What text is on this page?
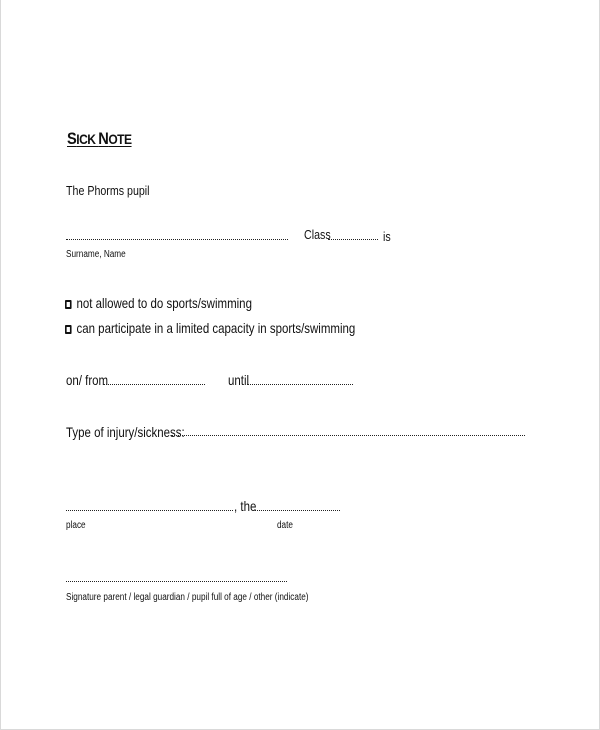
SICK NOTE
The Phorms pupil
Class	is
Surname, Name
not allowed to do sports/swimming
can participate in a limited capacity in sports/swimming
on/ from	until
Type of injury/sickness:
, the
place	date
Signature parent / legal guardian / pupil full of age / other (indicate)
